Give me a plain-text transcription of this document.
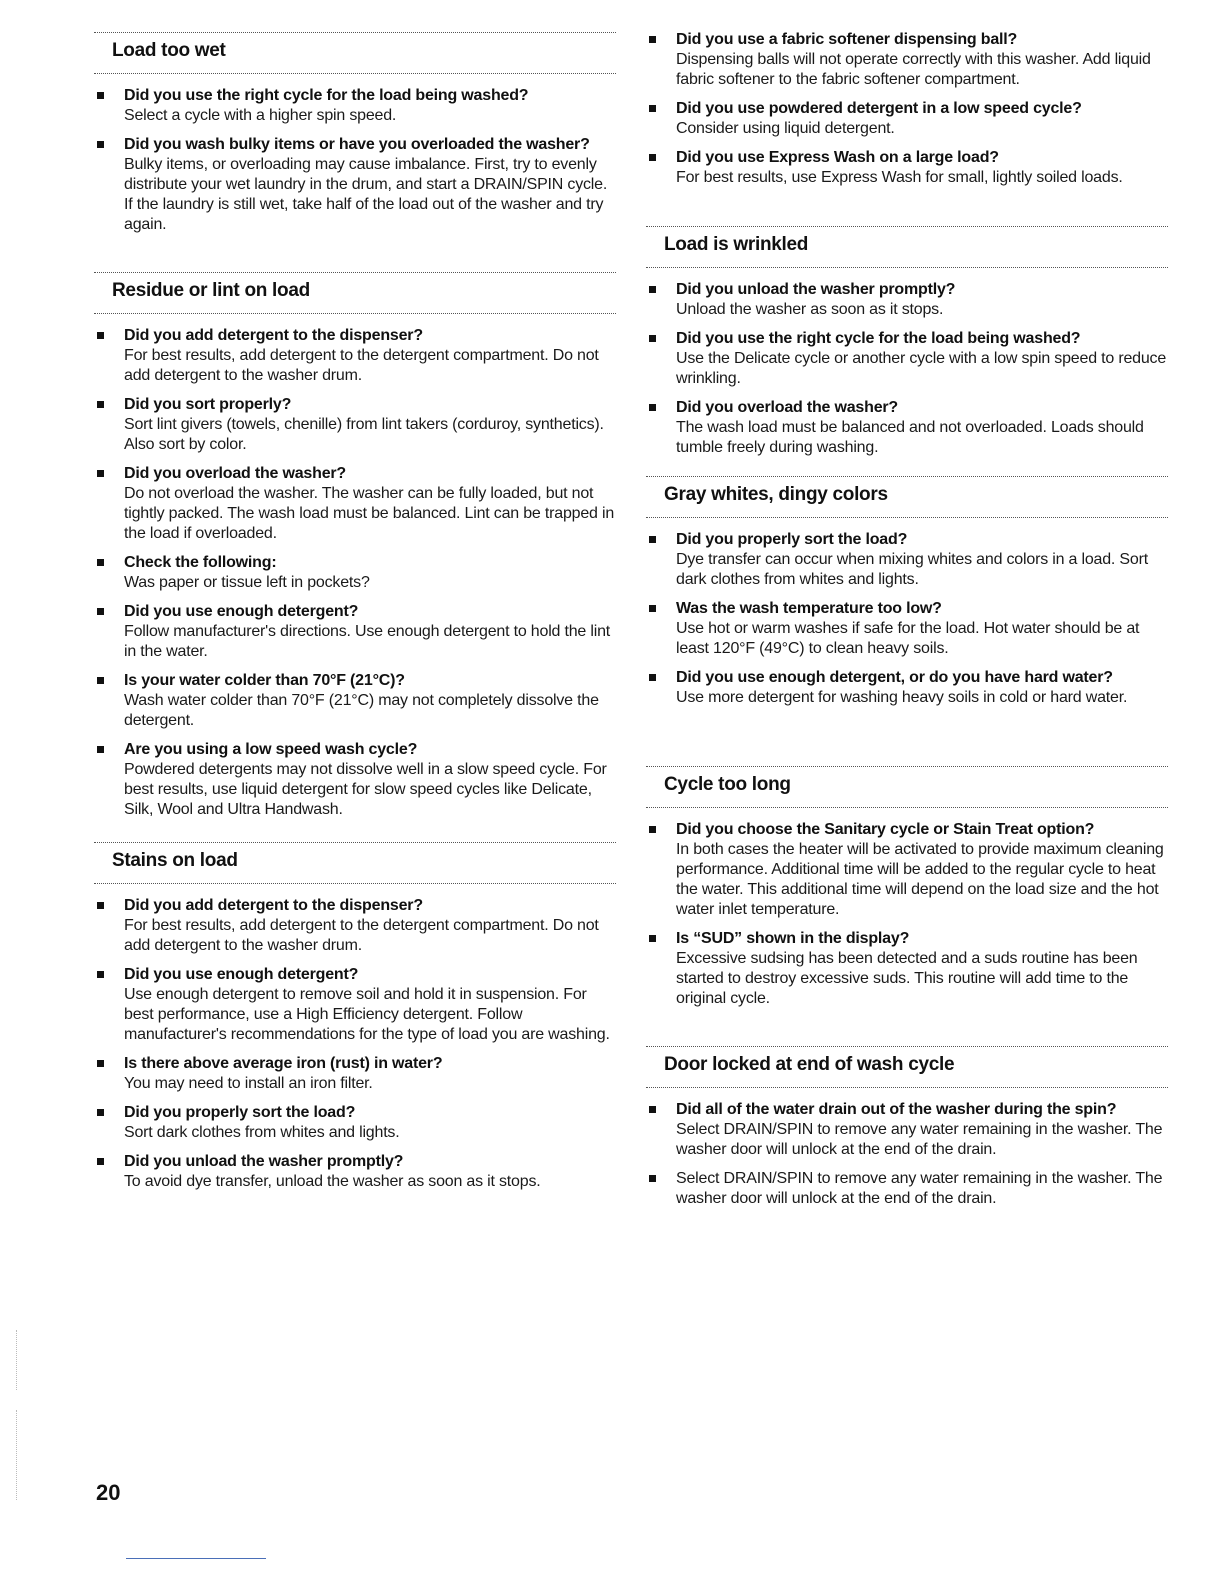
Load too wet
Did you use the right cycle for the load being washed?
Select a cycle with a higher spin speed.
Did you wash bulky items or have you overloaded the washer?
Bulky items, or overloading may cause imbalance. First, try to evenly distribute your wet laundry in the drum, and start a DRAIN/SPIN cycle. If the laundry is still wet, take half of the load out of the washer and try again.
Residue or lint on load
Did you add detergent to the dispenser?
For best results, add detergent to the detergent compartment. Do not add detergent to the washer drum.
Did you sort properly?
Sort lint givers (towels, chenille) from lint takers (corduroy, synthetics). Also sort by color.
Did you overload the washer?
Do not overload the washer. The washer can be fully loaded, but not tightly packed. The wash load must be balanced. Lint can be trapped in the load if overloaded.
Check the following:
Was paper or tissue left in pockets?
Did you use enough detergent?
Follow manufacturer's directions. Use enough detergent to hold the lint in the water.
Is your water colder than 70°F (21°C)?
Wash water colder than 70°F (21°C) may not completely dissolve the detergent.
Are you using a low speed wash cycle?
Powdered detergents may not dissolve well in a slow speed cycle. For best results, use liquid detergent for slow speed cycles like Delicate, Silk, Wool and Ultra Handwash.
Stains on load
Did you add detergent to the dispenser?
For best results, add detergent to the detergent compartment. Do not add detergent to the washer drum.
Did you use enough detergent?
Use enough detergent to remove soil and hold it in suspension. For best performance, use a High Efficiency detergent. Follow manufacturer's recommendations for the type of load you are washing.
Is there above average iron (rust) in water?
You may need to install an iron filter.
Did you properly sort the load?
Sort dark clothes from whites and lights.
Did you unload the washer promptly?
To avoid dye transfer, unload the washer as soon as it stops.
Did you use a fabric softener dispensing ball?
Dispensing balls will not operate correctly with this washer. Add liquid fabric softener to the fabric softener compartment.
Did you use powdered detergent in a low speed cycle?
Consider using liquid detergent.
Did you use Express Wash on a large load?
For best results, use Express Wash for small, lightly soiled loads.
Load is wrinkled
Did you unload the washer promptly?
Unload the washer as soon as it stops.
Did you use the right cycle for the load being washed?
Use the Delicate cycle or another cycle with a low spin speed to reduce wrinkling.
Did you overload the washer?
The wash load must be balanced and not overloaded. Loads should tumble freely during washing.
Gray whites, dingy colors
Did you properly sort the load?
Dye transfer can occur when mixing whites and colors in a load. Sort dark clothes from whites and lights.
Was the wash temperature too low?
Use hot or warm washes if safe for the load. Hot water should be at least 120°F (49°C) to clean heavy soils.
Did you use enough detergent, or do you have hard water?
Use more detergent for washing heavy soils in cold or hard water.
Cycle too long
Did you choose the Sanitary cycle or Stain Treat option?
In both cases the heater will be activated to provide maximum cleaning performance. Additional time will be added to the regular cycle to heat the water. This additional time will depend on the load size and the hot water inlet temperature.
Is “SUD” shown in the display?
Excessive sudsing has been detected and a suds routine has been started to destroy excessive suds. This routine will add time to the original cycle.
Door locked at end of wash cycle
Did all of the water drain out of the washer during the spin?
Select DRAIN/SPIN to remove any water remaining in the washer. The washer door will unlock at the end of the drain.
Select DRAIN/SPIN to remove any water remaining in the washer. The washer door will unlock at the end of the drain.
20
